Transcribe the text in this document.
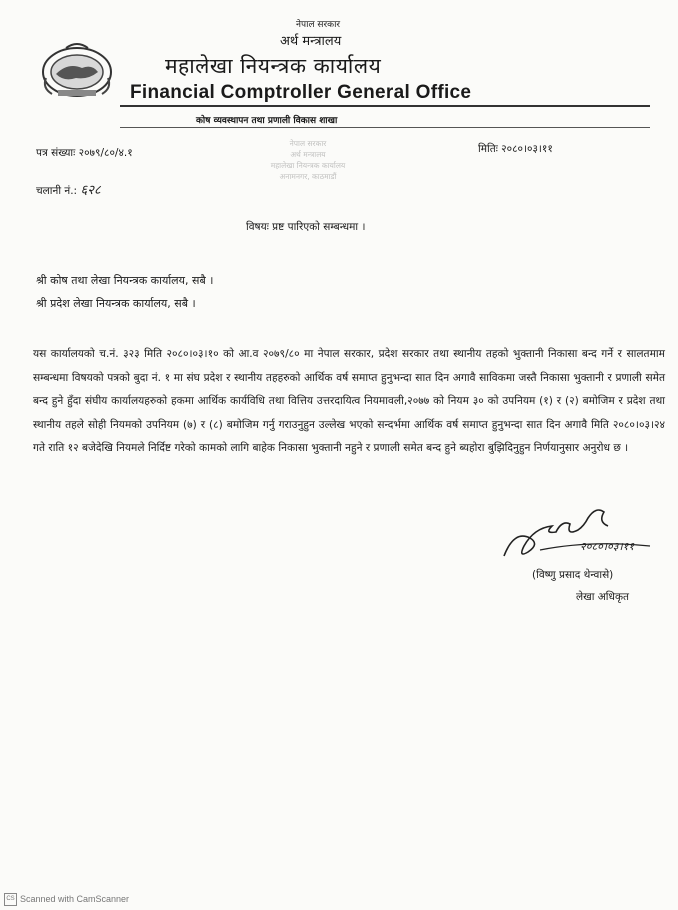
नेपाल सरकार
अर्थ मन्त्रालय
महालेखा नियन्त्रक कार्यालय
Financial Comptroller General Office
कोष व्यवस्थापन तथा प्रणाली विकास शाखा
पत्र संख्याः २०७९/८०/४.१	मितिः २०८०।०३।११
चलानी नं.: ६२८
नेपाल सरकार
अर्थ मन्त्रालय
महालेखा नियन्त्रक कार्यालय
अनामनगर, काठमाडौं
विषयः प्रष्ट पारिएको सम्बन्धमा ।
श्री कोष तथा लेखा नियन्त्रक कार्यालय, सबै ।
श्री प्रदेश लेखा नियन्त्रक कार्यालय, सबै ।
यस कार्यालयको च.नं. ३२३ मिति २०८०।०३।१० को आ.व २०७९/८० मा नेपाल सरकार, प्रदेश सरकार तथा स्थानीय तहको भुक्तानी निकासा बन्द गर्ने र सालतमाम सम्बन्धमा विषयको पत्रको बुदा नं. १ मा संघ प्रदेश र स्थानीय तहहरुको आर्थिक वर्ष समाप्त हुनुभन्दा सात दिन अगावै साविकमा जस्तै निकासा भुक्तानी र प्रणाली समेत बन्द हुने हुँदा संघीय कार्यालयहरुको हकमा आर्थिक कार्यविधि तथा वित्तिय उत्तरदायित्व नियमावली,२०७७ को नियम ३० को उपनियम (१) र (२) बमोजिम र प्रदेश तथा स्थानीय तहले सोही नियमको उपनियम (७) र (८) बमोजिम गर्नु गराउनुहुन उल्लेख भएको सन्दर्भमा आर्थिक वर्ष समाप्त हुनुभन्दा सात दिन अगावै मिति २०८०।०३।२४ गते राति १२ बजेदेखि नियमले निर्दिष्ट गरेको कामको लागि बाहेक निकासा भुक्तानी नहुने र प्रणाली समेत बन्द हुने ब्यहोरा बुझिदिनुहुन निर्णयानुसार अनुरोध छ ।
२०८०।०३।११
(विष्णु प्रसाद थेन्वासे)
लेखा अधिकृत
CS Scanned with CamScanner
